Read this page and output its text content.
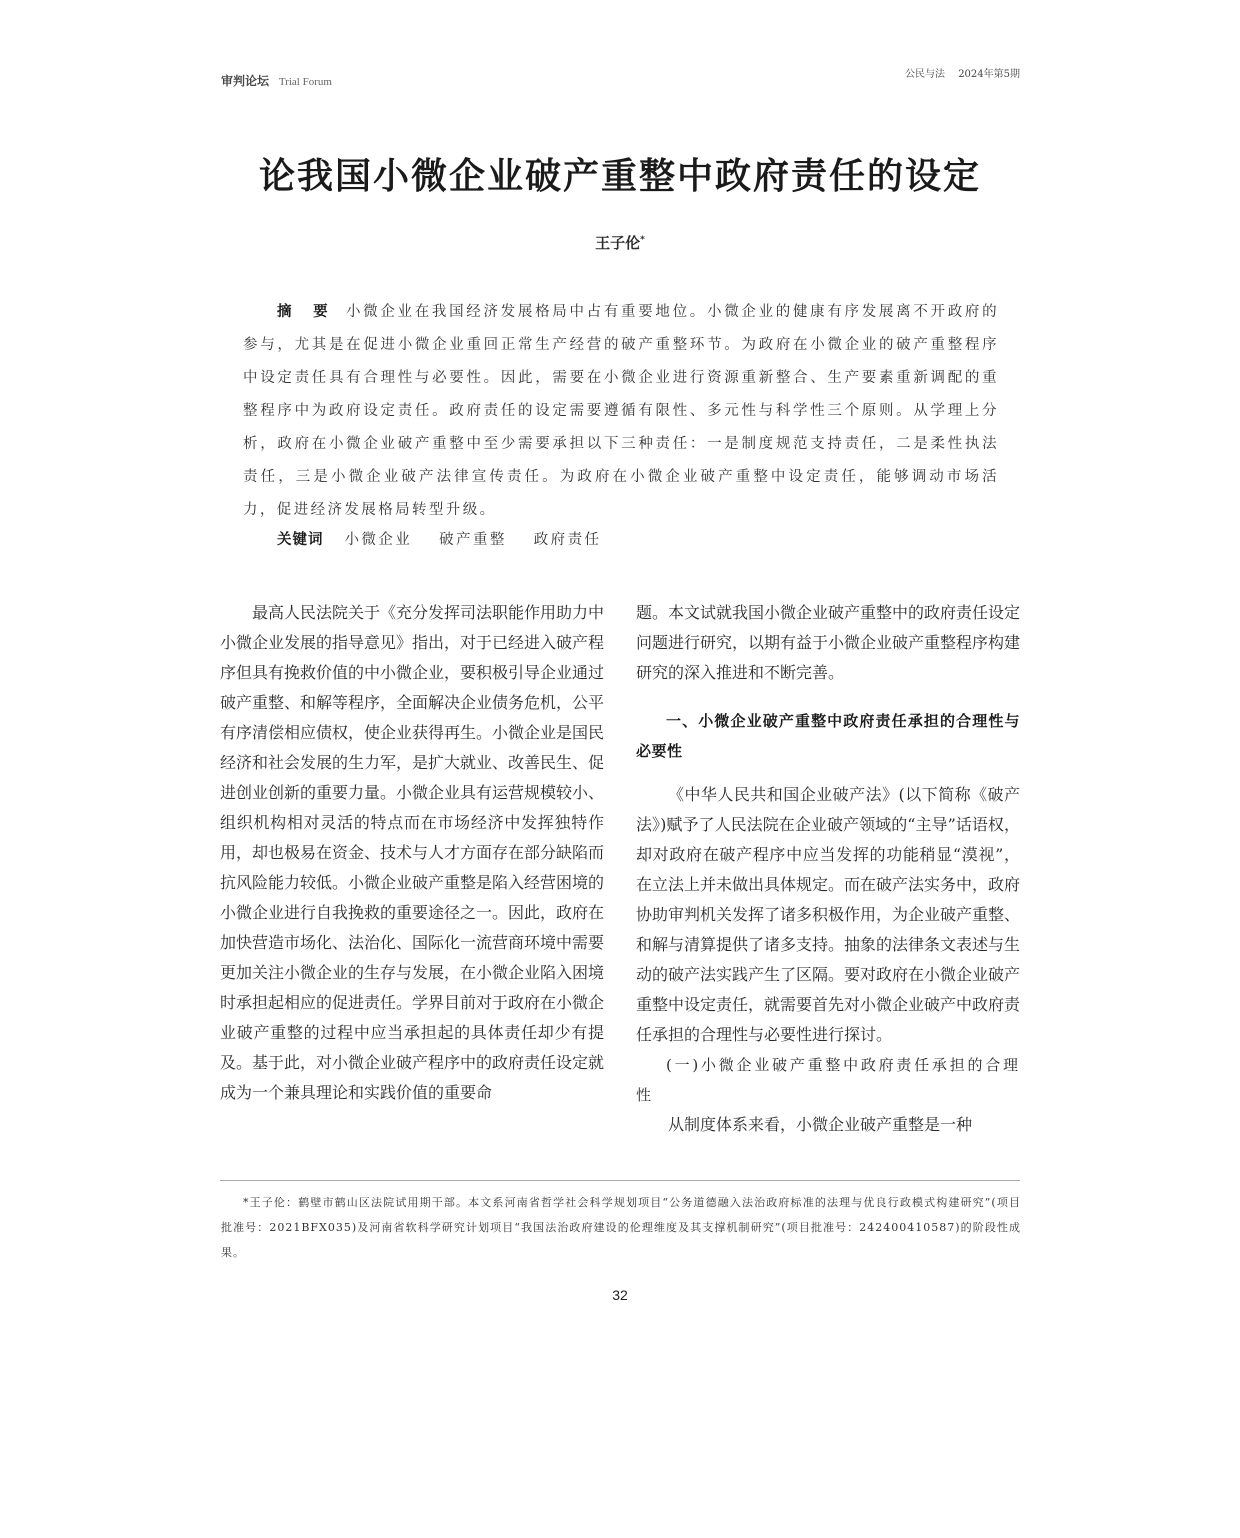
审判论坛 Trial Forum
公民与法 2024年第5期
论我国小微企业破产重整中政府责任的设定
王子伦*
摘 要 小微企业在我国经济发展格局中占有重要地位。小微企业的健康有序发展离不开政府的参与，尤其是在促进小微企业重回正常生产经营的破产重整环节。为政府在小微企业的破产重整程序中设定责任具有合理性与必要性。因此，需要在小微企业进行资源重新整合、生产要素重新调配的重整程序中为政府设定责任。政府责任的设定需要遵循有限性、多元性与科学性三个原则。从学理上分析，政府在小微企业破产重整中至少需要承担以下三种责任：一是制度规范支持责任，二是柔性执法责任，三是小微企业破产法律宣传责任。为政府在小微企业破产重整中设定责任，能够调动市场活力，促进经济发展格局转型升级。
关键词 小微企业 破产重整 政府责任

最高人民法院关于《充分发挥司法职能作用助力中小微企业发展的指导意见》指出，对于已经进入破产程序但具有挽救价值的中小微企业，要积极引导企业通过破产重整、和解等程序，全面解决企业债务危机，公平有序清偿相应债权，使企业获得再生。小微企业是国民经济和社会发展的生力军，是扩大就业、改善民生、促进创业创新的重要力量。小微企业具有运营规模较小、组织机构相对灵活的特点而在市场经济中发挥独特作用，却也极易在资金、技术与人才方面存在部分缺陷而抗风险能力较低。小微企业破产重整是陷入经营困境的小微企业进行自我挽救的重要途径之一。因此，政府在加快营造市场化、法治化、国际化一流营商环境中需要更加关注小微企业的生存与发展，在小微企业陷入困境时承担起相应的促进责任。学界目前对于政府在小微企业破产重整的过程中应当承担起的具体责任却少有提及。基于此，对小微企业破产程序中的政府责任设定就成为一个兼具理论和实践价值的重要命

题。本文试就我国小微企业破产重整中的政府责任设定问题进行研究，以期有益于小微企业破产重整程序构建研究的深入推进和不断完善。

一、小微企业破产重整中政府责任承担的合理性与必要性

《中华人民共和国企业破产法》(以下简称《破产法》)赋予了人民法院在企业破产领域的“主导”话语权，却对政府在破产程序中应当发挥的功能稍显“漠视”，在立法上并未做出具体规定。而在破产法实务中，政府协助审判机关发挥了诸多积极作用，为企业破产重整、和解与清算提供了诸多支持。抽象的法律条文表述与生动的破产法实践产生了区隔。要对政府在小微企业破产重整中设定责任，就需要首先对小微企业破产中政府责任承担的合理性与必要性进行探讨。

(一)小微企业破产重整中政府责任承担的合理性

从制度体系来看，小微企业破产重整是一种

*王子伦：鹤壁市鹤山区法院试用期干部。本文系河南省哲学社会科学规划项目“公务道德融入法治政府标准的法理与优良行政模式构建研究”(项目批准号：2021BFX035)及河南省软科学研究计划项目“我国法治政府建设的伦理维度及其支撑机制研究”(项目批准号：242400410587)的阶段性成果。

32
